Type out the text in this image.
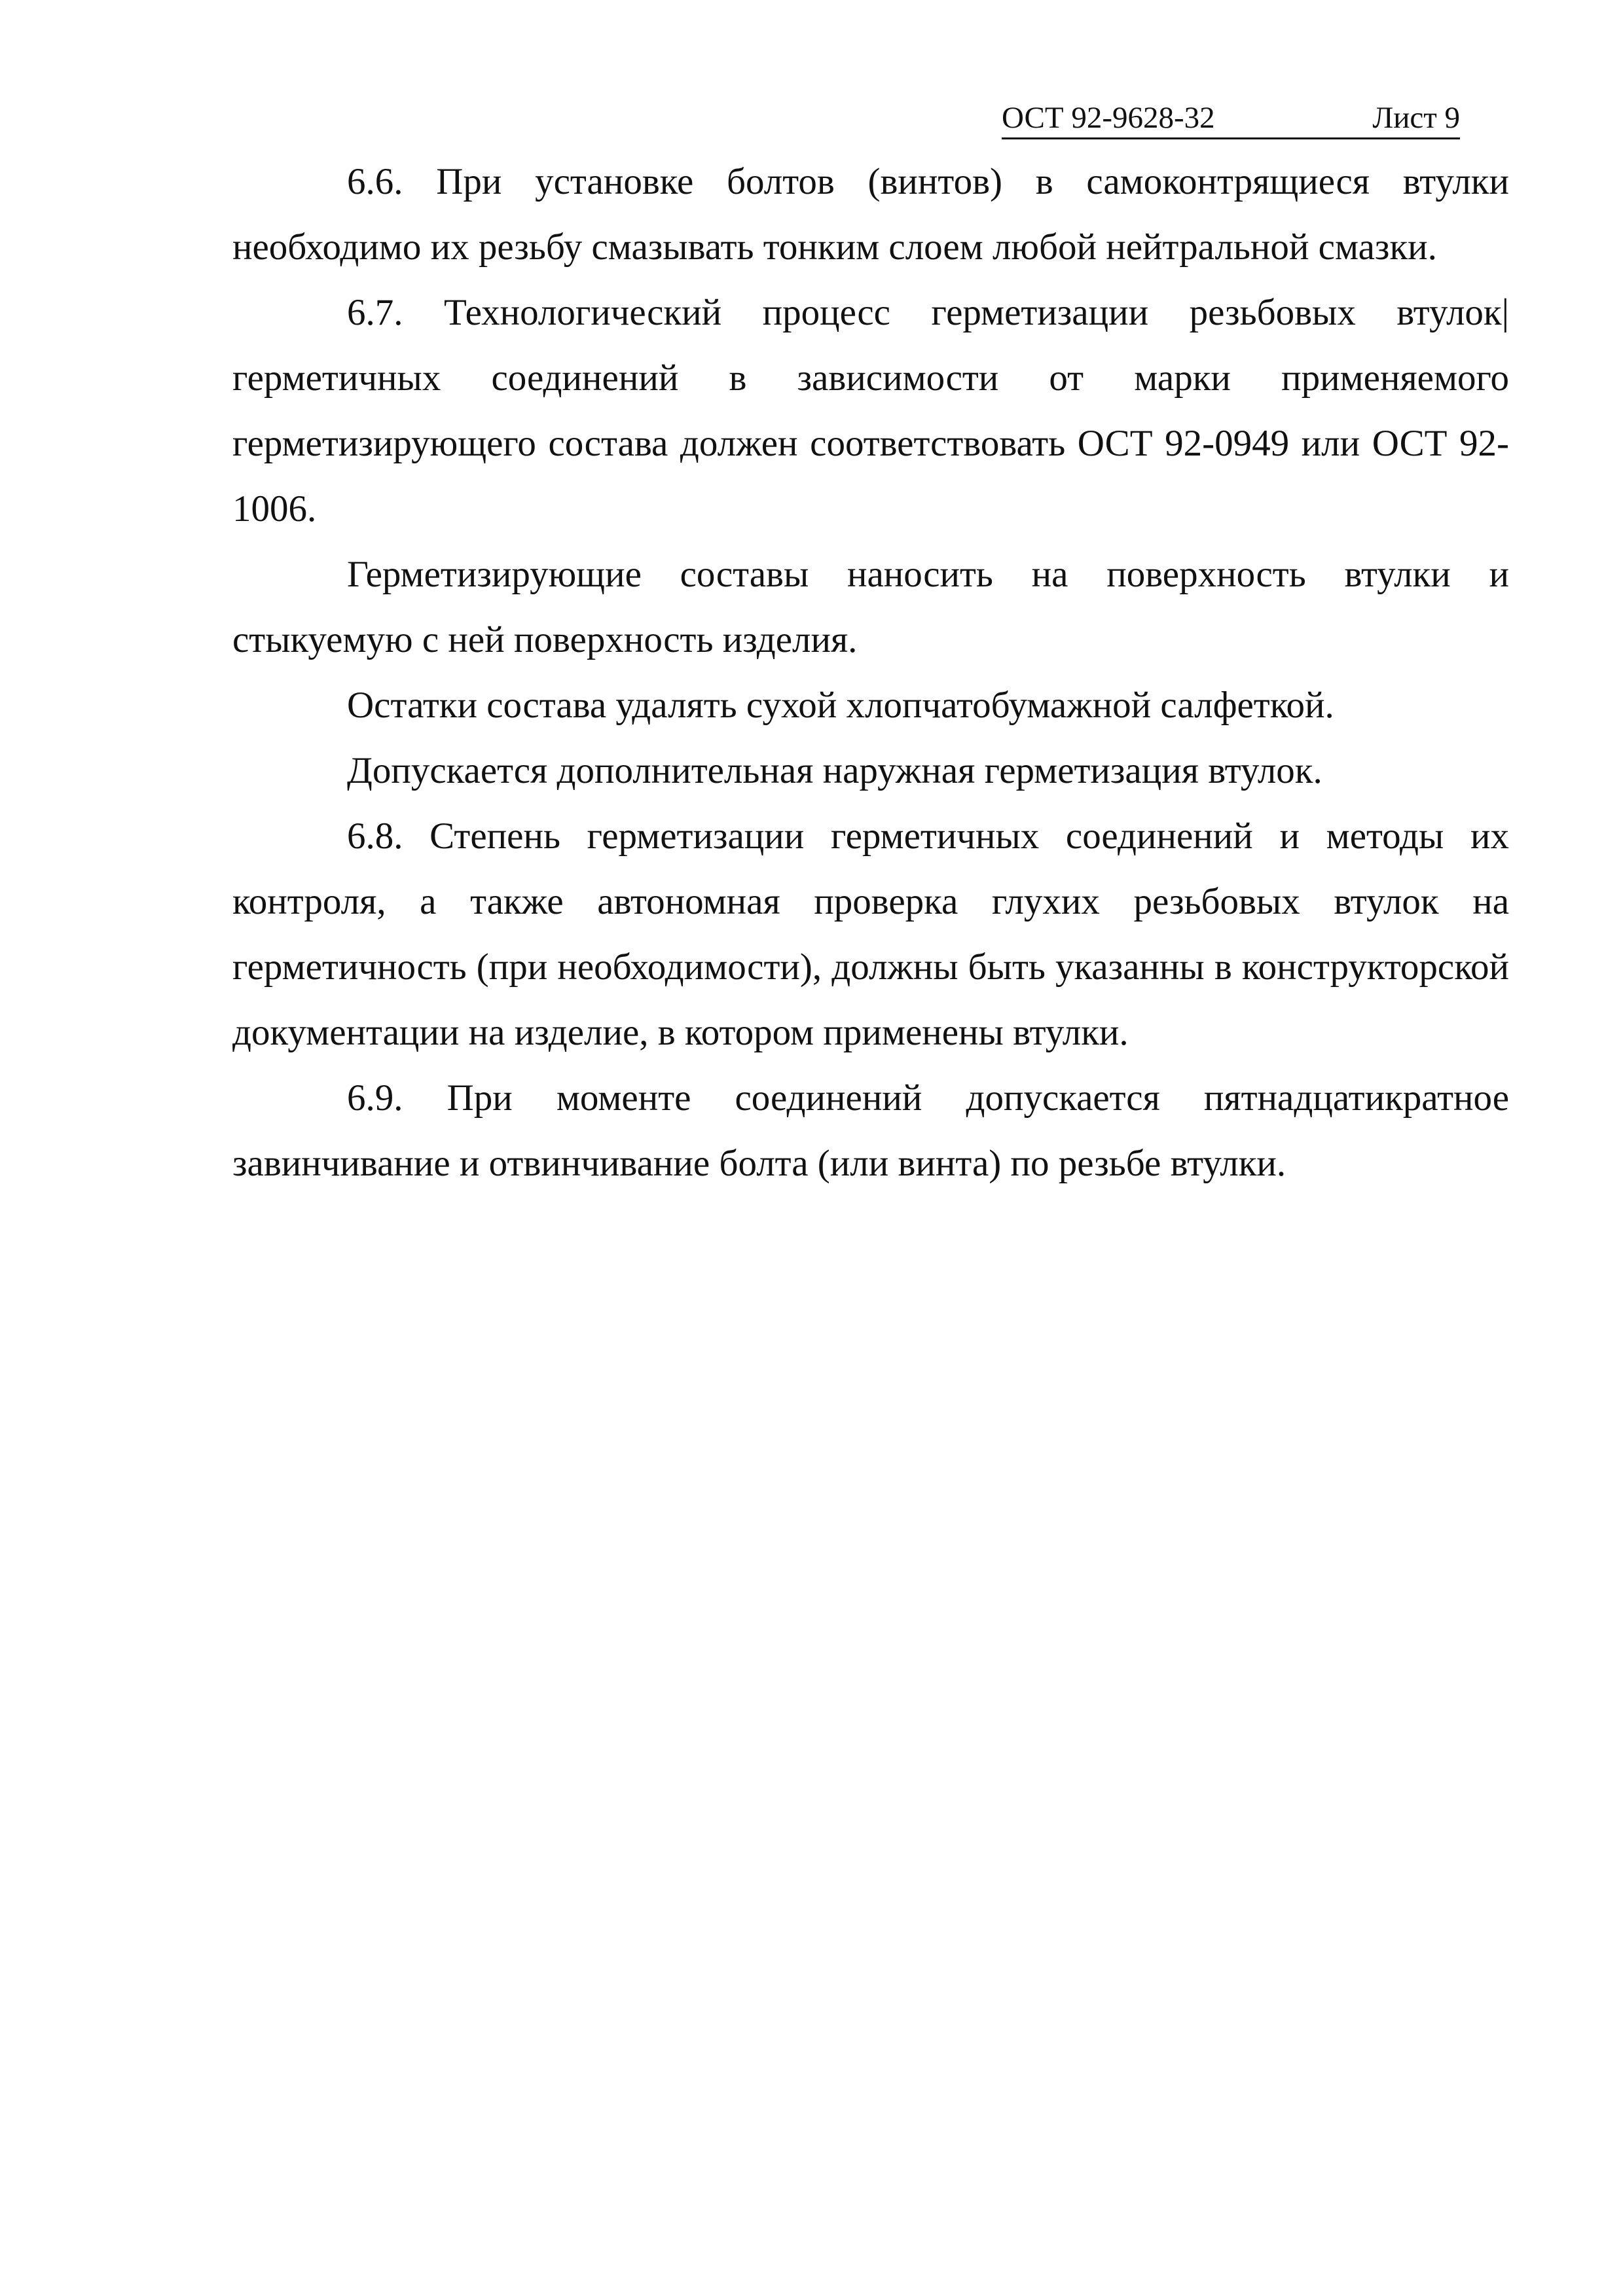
ОСТ 92-9628-32	Лист 9

6.6. При установке болтов (винтов) в самоконтрящиеся втулки необходимо их резьбу смазывать тонким слоем любой нейтральной смазки.

6.7. Технологический процесс герметизации резьбовых втулок| герметичных соединений в зависимости от марки применяемого герметизирующего состава должен соответствовать ОСТ 92-0949 или ОСТ 92-1006.

Герметизирующие составы наносить на поверхность втулки и стыкуемую с ней поверхность изделия.

Остатки состава удалять сухой хлопчатобумажной салфеткой.

Допускается дополнительная наружная герметизация втулок.

6.8. Степень герметизации герметичных соединений и методы их контроля, а также автономная проверка глухих резьбовых втулок на герметичность (при необходимости), должны быть указанны в конструкторской документации на изделие, в котором применены втулки.

6.9. При моменте соединений допускается пятнадцатикратное завинчивание и отвинчивание болта (или винта) по резьбе втулки.
